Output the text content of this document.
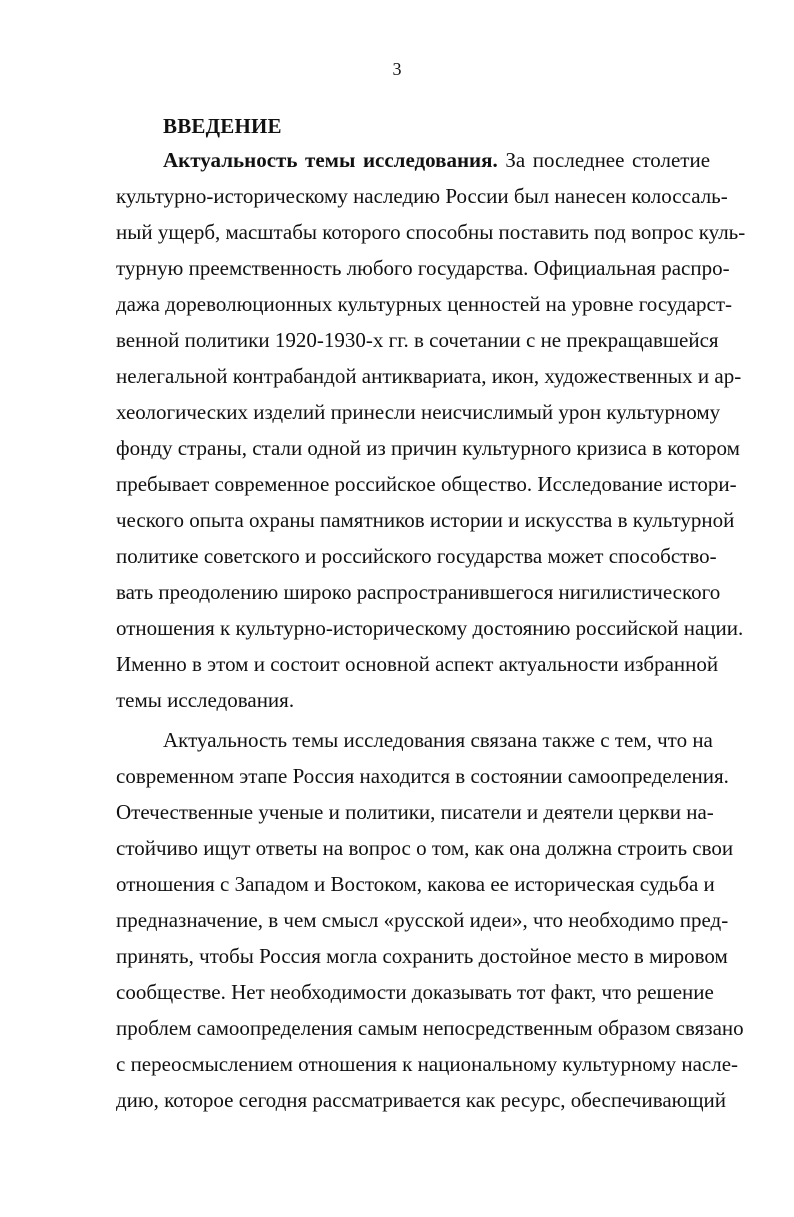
3
ВВЕДЕНИЕ
Актуальность темы исследования. За последнее столетие
культурно-историческому наследию России был нанесен колоссаль-
ный ущерб, масштабы которого способны поставить под вопрос куль-
турную преемственность любого государства. Официальная распро-
дажа дореволюционных культурных ценностей на уровне государст-
венной политики 1920-1930-х гг. в сочетании с не прекращавшейся
нелегальной контрабандой антиквариата, икон, художественных и ар-
хеологических изделий принесли неисчислимый урон культурному
фонду страны, стали одной из причин культурного кризиса в котором
пребывает современное российское общество. Исследование истори-
ческого опыта охраны памятников истории и искусства в культурной
политике советского и российского государства может способство-
вать преодолению широко распространившегося нигилистического
отношения к культурно-историческому достоянию российской нации.
Именно в этом и состоит основной аспект актуальности избранной
темы исследования.
Актуальность темы исследования связана также с тем, что на
современном этапе Россия находится в состоянии самоопределения.
Отечественные ученые и политики, писатели и деятели церкви на-
стойчиво ищут ответы на вопрос о том, как она должна строить свои
отношения с Западом и Востоком, какова ее историческая судьба и
предназначение, в чем смысл «русской идеи», что необходимо пред-
принять, чтобы Россия могла сохранить достойное место в мировом
сообществе. Нет необходимости доказывать тот факт, что решение
проблем самоопределения самым непосредственным образом связано
с переосмыслением отношения к национальному культурному насле-
дию, которое сегодня рассматривается как ресурс, обеспечивающий
